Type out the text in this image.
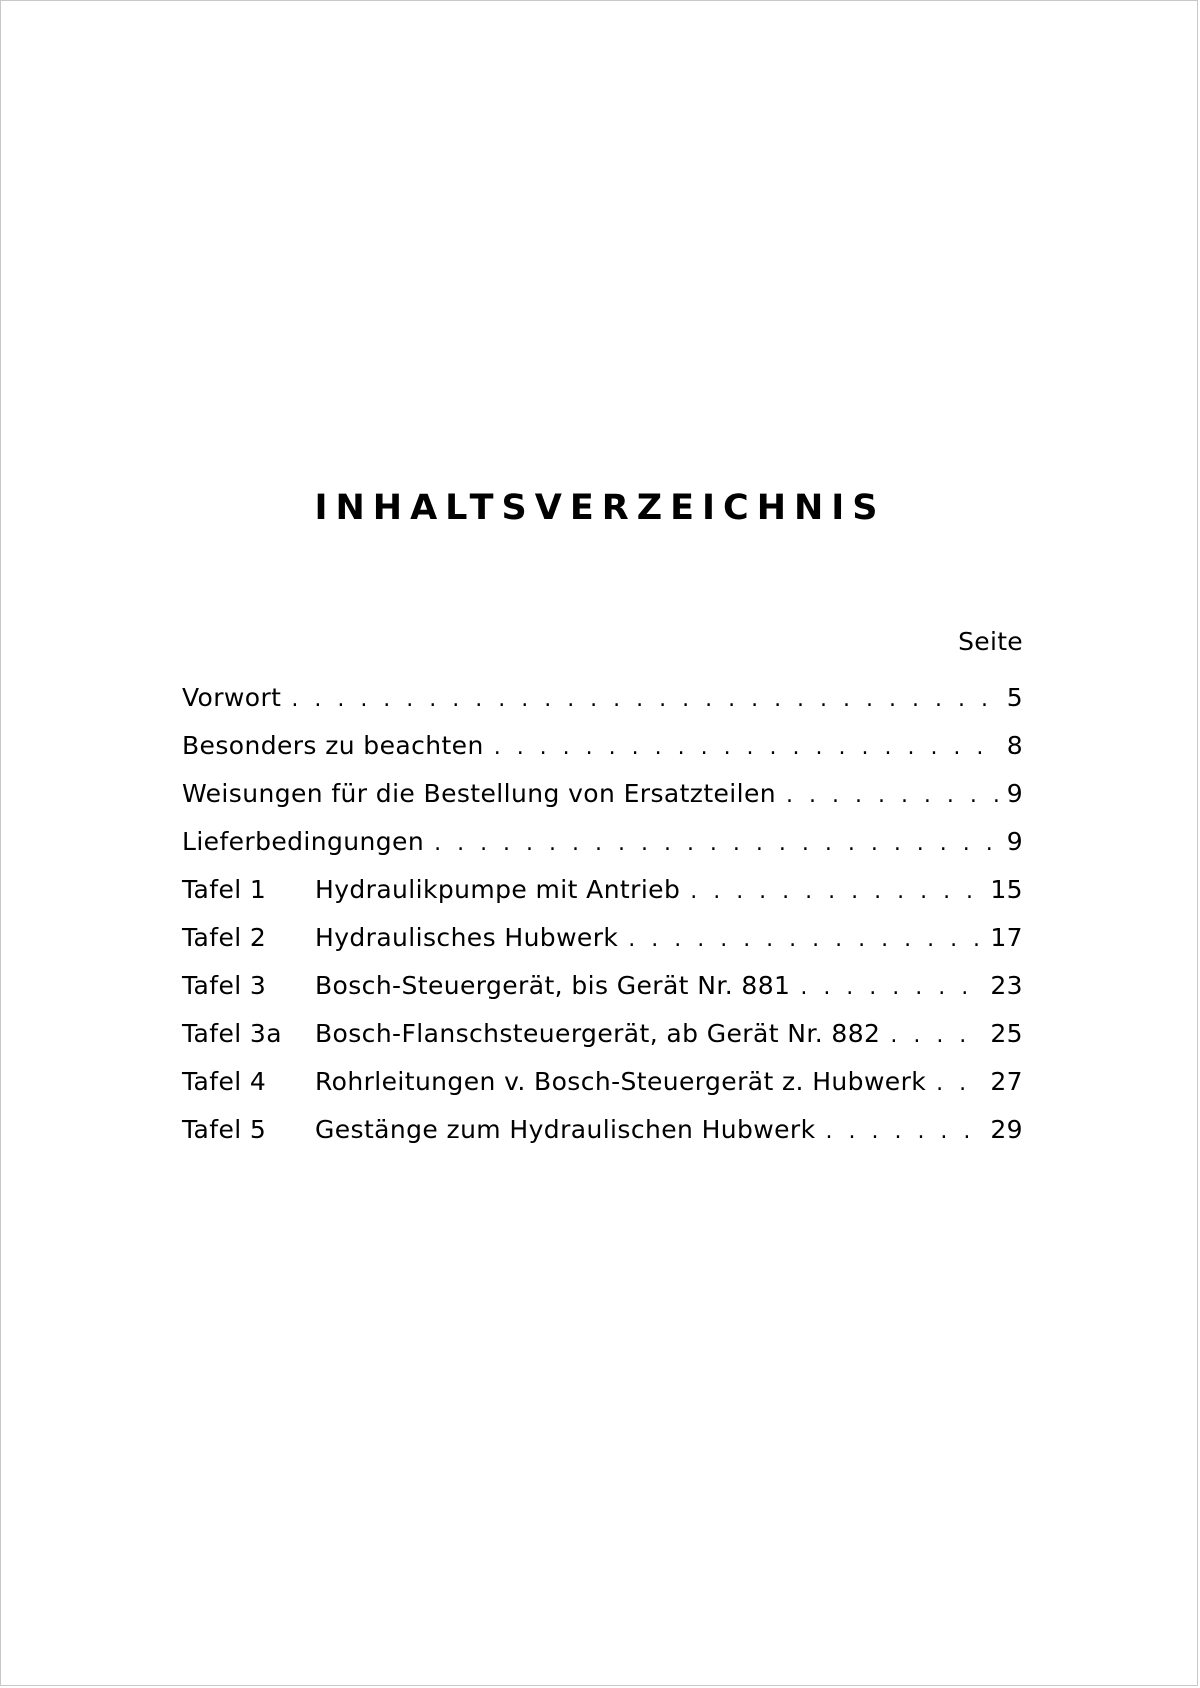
INHALTSVERZEICHNIS
Seite
Vorwort . . .	5
Besonders zu beachten . . .	8
Weisungen für die Bestellung von Ersatzteilen . . .	9
Lieferbedingungen . . .	9
Tafel 1	Hydraulikpumpe mit Antrieb . . .	15
Tafel 2	Hydraulisches Hubwerk . . .	17
Tafel 3	Bosch-Steuergerät, bis Gerät Nr. 881 . . .	23
Tafel 3a	Bosch-Flanschsteuergerät, ab Gerät Nr. 882 . . .	25
Tafel 4	Rohrleitungen v. Bosch-Steuergerät z. Hubwerk . . .	27
Tafel 5	Gestänge zum Hydraulischen Hubwerk . . .	29
